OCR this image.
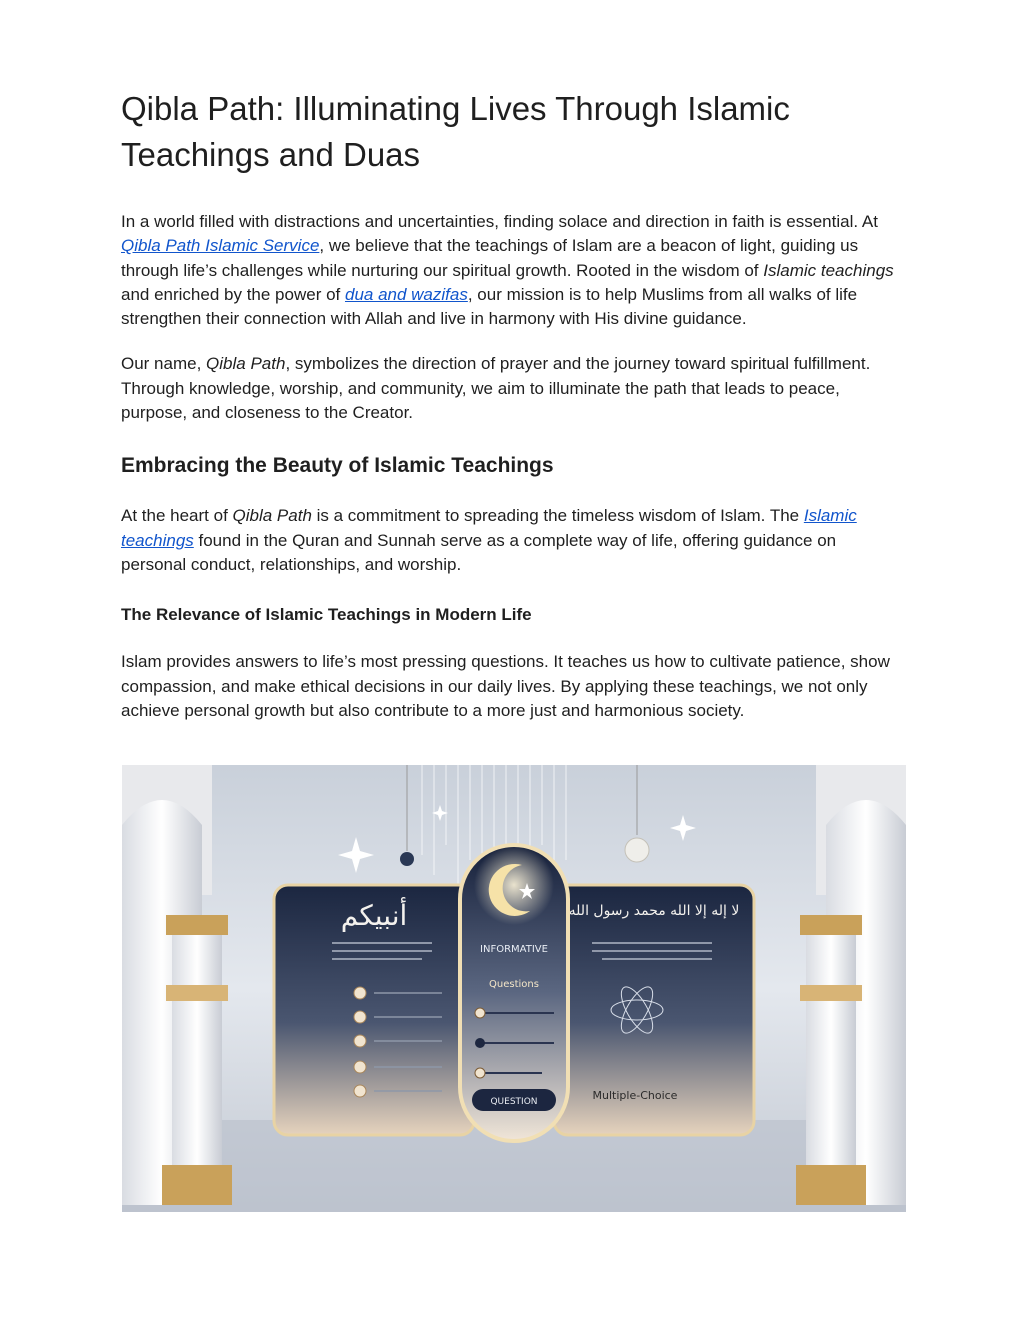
Qibla Path: Illuminating Lives Through Islamic Teachings and Duas

In a world filled with distractions and uncertainties, finding solace and direction in faith is essential. At Qibla Path Islamic Service, we believe that the teachings of Islam are a beacon of light, guiding us through life’s challenges while nurturing our spiritual growth. Rooted in the wisdom of Islamic teachings and enriched by the power of dua and wazifas, our mission is to help Muslims from all walks of life strengthen their connection with Allah and live in harmony with His divine guidance.

Our name, Qibla Path, symbolizes the direction of prayer and the journey toward spiritual fulfillment. Through knowledge, worship, and community, we aim to illuminate the path that leads to peace, purpose, and closeness to the Creator.

Embracing the Beauty of Islamic Teachings

At the heart of Qibla Path is a commitment to spreading the timeless wisdom of Islam. The Islamic teachings found in the Quran and Sunnah serve as a complete way of life, offering guidance on personal conduct, relationships, and worship.

The Relevance of Islamic Teachings in Modern Life

Islam provides answers to life’s most pressing questions. It teaches us how to cultivate patience, show compassion, and make ethical decisions in our daily lives. By applying these teachings, we not only achieve personal growth but also contribute to a more just and harmonious society.

أنبيكم	لا إله إلا الله محمد رسول الله
Multiple-Choice
INFORMATIVE
Questions
QUESTION
